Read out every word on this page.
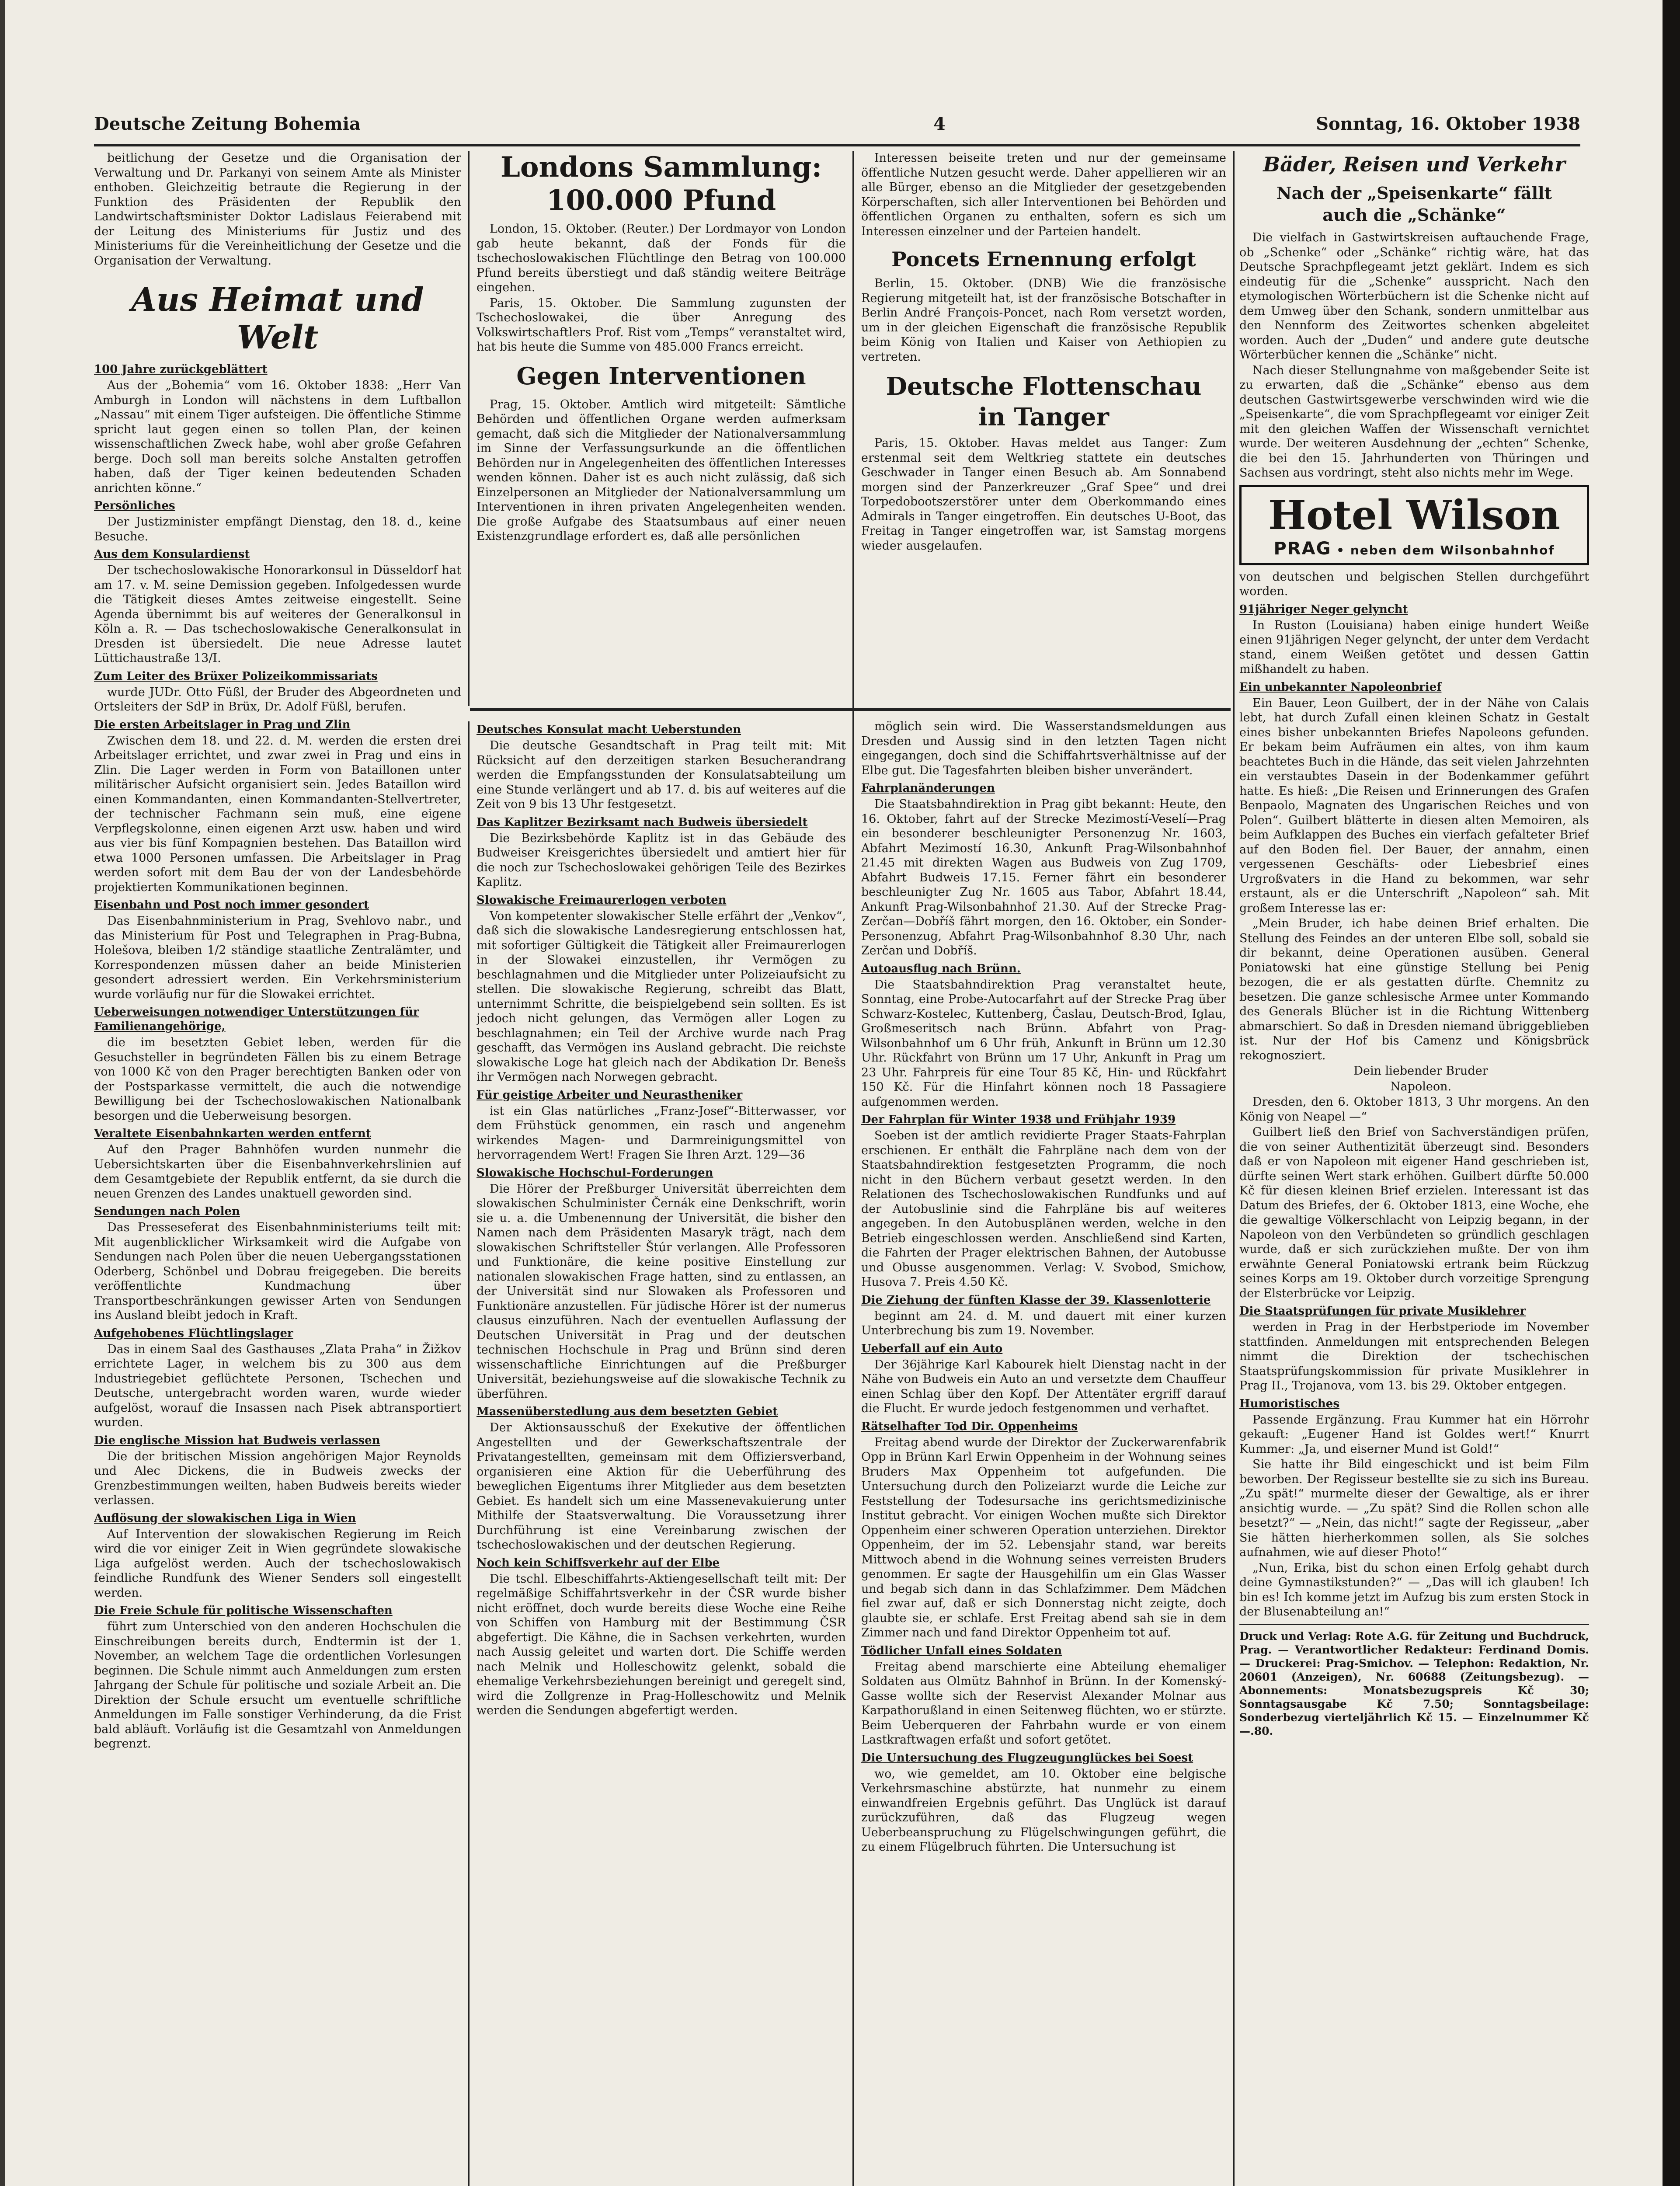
Deutsche Zeitung Bohemia	4	Sonntag, 16. Oktober 1938

beitlichung der Gesetze und die Organisation der Verwaltung und Dr. Parkanyi von seinem Amte als Minister enthoben. Gleichzeitig betraute die Regierung in der Funktion des Präsidenten der Republik den Landwirtschaftsminister Doktor Ladislaus Feierabend mit der Leitung des Ministeriums für Justiz und des Ministeriums für die Vereinheitlichung der Gesetze und die Organisation der Verwaltung.

Aus Heimat und Welt
100 Jahre zurückgeblättert

Aus der „Bohemia“ vom 16. Oktober 1838: „Herr Van Amburgh in London will nächstens in dem Luftballon „Nassau“ mit einem Tiger aufsteigen. Die öffentliche Stimme spricht laut gegen einen so tollen Plan, der keinen wissenschaftlichen Zweck habe, wohl aber große Gefahren berge. Doch soll man bereits solche Anstalten getroffen haben, daß der Tiger keinen bedeutenden Schaden anrichten könne.“

Persönliches

Der Justizminister empfängt Dienstag, den 18. d., keine Besuche.

Aus dem Konsulardienst

Der tschechoslowakische Honorarkonsul in Düsseldorf hat am 17. v. M. seine Demission gegeben. Infolgedessen wurde die Tätigkeit dieses Amtes zeitweise eingestellt. Seine Agenda übernimmt bis auf weiteres der Generalkonsul in Köln a. R. — Das tschechoslowakische Generalkonsulat in Dresden ist übersiedelt. Die neue Adresse lautet Lüttichaustraße 13/I.

Zum Leiter des Brüxer Polizeikommissariats

wurde JUDr. Otto Füßl, der Bruder des Abgeordneten und Ortsleiters der SdP in Brüx, Dr. Adolf Füßl, berufen.

Die ersten Arbeitslager in Prag und Zlin

Zwischen dem 18. und 22. d. M. werden die ersten drei Arbeitslager errichtet, und zwar zwei in Prag und eins in Zlin. Die Lager werden in Form von Bataillonen unter militärischer Aufsicht organisiert sein. Jedes Bataillon wird einen Kommandanten, einen Kommandanten-Stellvertreter, der technischer Fachmann sein muß, eine eigene Verpflegskolonne, einen eigenen Arzt usw. haben und wird aus vier bis fünf Kompagnien bestehen. Das Bataillon wird etwa 1000 Personen umfassen. Die Arbeitslager in Prag werden sofort mit dem Bau der von der Landesbehörde projektierten Kommunikationen beginnen.

Eisenbahn und Post noch immer gesondert

Das Eisenbahnministerium in Prag, Svehlovo nabr., und das Ministerium für Post und Telegraphen in Prag-Bubna, Holešova, bleiben 1/2 ständige staatliche Zentralämter, und Korrespondenzen müssen daher an beide Ministerien gesondert adressiert werden. Ein Verkehrsministerium wurde vorläufig nur für die Slowakei errichtet.

Ueberweisungen notwendiger Unterstützungen für Familienangehörige,

die im besetzten Gebiet leben, werden für die Gesuchsteller in begründeten Fällen bis zu einem Betrage von 1000 Kč von den Prager berechtigten Banken oder von der Postsparkasse vermittelt, die auch die notwendige Bewilligung bei der Tschechoslowakischen Nationalbank besorgen und die Ueberweisung besorgen.

Veraltete Eisenbahnkarten werden entfernt

Auf den Prager Bahnhöfen wurden nunmehr die Uebersichtskarten über die Eisenbahnverkehrslinien auf dem Gesamtgebiete der Republik entfernt, da sie durch die neuen Grenzen des Landes unaktuell geworden sind.

Sendungen nach Polen

Das Presseseferat des Eisenbahnministeriums teilt mit: Mit augenblicklicher Wirksamkeit wird die Aufgabe von Sendungen nach Polen über die neuen Uebergangsstationen Oderberg, Schönbel und Dobrau freigegeben. Die bereits veröffentlichte Kundmachung über Transportbeschränkungen gewisser Arten von Sendungen ins Ausland bleibt jedoch in Kraft.

Aufgehobenes Flüchtlingslager

Das in einem Saal des Gasthauses „Zlata Praha“ in Žižkov errichtete Lager, in welchem bis zu 300 aus dem Industriegebiet geflüchtete Personen, Tschechen und Deutsche, untergebracht worden waren, wurde wieder aufgelöst, worauf die Insassen nach Pisek abtransportiert wurden.

Die englische Mission hat Budweis verlassen

Die der britischen Mission angehörigen Major Reynolds und Alec Dickens, die in Budweis zwecks der Grenzbestimmungen weilten, haben Budweis bereits wieder verlassen.

Auflösung der slowakischen Liga in Wien

Auf Intervention der slowakischen Regierung im Reich wird die vor einiger Zeit in Wien gegründete slowakische Liga aufgelöst werden. Auch der tschechoslowakisch feindliche Rundfunk des Wiener Senders soll eingestellt werden.

Die Freie Schule für politische Wissenschaften

führt zum Unterschied von den anderen Hochschulen die Einschreibungen bereits durch, Endtermin ist der 1. November, an welchem Tage die ordentlichen Vorlesungen beginnen. Die Schule nimmt auch Anmeldungen zum ersten Jahrgang der Schule für politische und soziale Arbeit an. Die Direktion der Schule ersucht um eventuelle schriftliche Anmeldungen im Falle sonstiger Verhinderung, da die Frist bald abläuft. Vorläufig ist die Gesamtzahl von Anmeldungen begrenzt.

Londons Sammlung:
100.000 Pfund

London, 15. Oktober. (Reuter.) Der Lordmayor von London gab heute bekannt, daß der Fonds für die tschechoslowakischen Flüchtlinge den Betrag von 100.000 Pfund bereits überstiegt und daß ständig weitere Beiträge eingehen.

Paris, 15. Oktober. Die Sammlung zugunsten der Tschechoslowakei, die über Anregung des Volkswirtschaftlers Prof. Rist vom „Temps“ veranstaltet wird, hat bis heute die Summe von 485.000 Francs erreicht.

Gegen Interventionen

Prag, 15. Oktober. Amtlich wird mitgeteilt: Sämtliche Behörden und öffentlichen Organe werden aufmerksam gemacht, daß sich die Mitglieder der Nationalversammlung im Sinne der Verfassungsurkunde an die öffentlichen Behörden nur in Angelegenheiten des öffentlichen Interesses wenden können. Daher ist es auch nicht zulässig, daß sich Einzelpersonen an Mitglieder der Nationalversammlung um Interventionen in ihren privaten Angelegenheiten wenden. Die große Aufgabe des Staatsumbaus auf einer neuen Existenzgrundlage erfordert es, daß alle persönlichen

Interessen beiseite treten und nur der gemeinsame öffentliche Nutzen gesucht werde. Daher appellieren wir an alle Bürger, ebenso an die Mitglieder der gesetzgebenden Körperschaften, sich aller Interventionen bei Behörden und öffentlichen Organen zu enthalten, sofern es sich um Interessen einzelner und der Parteien handelt.

Poncets Ernennung erfolgt

Berlin, 15. Oktober. (DNB) Wie die französische Regierung mitgeteilt hat, ist der französische Botschafter in Berlin André François-Poncet, nach Rom versetzt worden, um in der gleichen Eigenschaft die französische Republik beim König von Italien und Kaiser von Aethiopien zu vertreten.

Deutsche Flottenschau
in Tanger

Paris, 15. Oktober. Havas meldet aus Tanger: Zum erstenmal seit dem Weltkrieg stattete ein deutsches Geschwader in Tanger einen Besuch ab. Am Sonnabend morgen sind der Panzerkreuzer „Graf Spee“ und drei Torpedobootszerstörer unter dem Oberkommando eines Admirals in Tanger eingetroffen. Ein deutsches U-Boot, das Freitag in Tanger eingetroffen war, ist Samstag morgens wieder ausgelaufen.

Deutsches Konsulat macht Ueberstunden

Die deutsche Gesandtschaft in Prag teilt mit: Mit Rücksicht auf den derzeitigen starken Besucherandrang werden die Empfangsstunden der Konsulatsabteilung um eine Stunde verlängert und ab 17. d. bis auf weiteres auf die Zeit von 9 bis 13 Uhr festgesetzt.

Das Kaplitzer Bezirksamt nach Budweis übersiedelt

Die Bezirksbehörde Kaplitz ist in das Gebäude des Budweiser Kreisgerichtes übersiedelt und amtiert hier für die noch zur Tschechoslowakei gehörigen Teile des Bezirkes Kaplitz.

Slowakische Freimaurerlogen verboten

Von kompetenter slowakischer Stelle erfährt der „Venkov“, daß sich die slowakische Landesregierung entschlossen hat, mit sofortiger Gültigkeit die Tätigkeit aller Freimaurerlogen in der Slowakei einzustellen, ihr Vermögen zu beschlagnahmen und die Mitglieder unter Polizeiaufsicht zu stellen. Die slowakische Regierung, schreibt das Blatt, unternimmt Schritte, die beispielgebend sein sollten. Es ist jedoch nicht gelungen, das Vermögen aller Logen zu beschlagnahmen; ein Teil der Archive wurde nach Prag geschafft, das Vermögen ins Ausland gebracht. Die reichste slowakische Loge hat gleich nach der Abdikation Dr. Benešs ihr Vermögen nach Norwegen gebracht.

Für geistige Arbeiter und Neurastheniker

ist ein Glas natürliches „Franz-Josef“-Bitterwasser, vor dem Frühstück genommen, ein rasch und angenehm wirkendes Magen- und Darmreinigungsmittel von hervorragendem Wert! Fragen Sie Ihren Arzt. 129—36

Slowakische Hochschul-Forderungen

Die Hörer der Preßburger Universität überreichten dem slowakischen Schulminister Černák eine Denkschrift, worin sie u. a. die Umbenennung der Universität, die bisher den Namen nach dem Präsidenten Masaryk trägt, nach dem slowakischen Schriftsteller Štúr verlangen. Alle Professoren und Funktionäre, die keine positive Einstellung zur nationalen slowakischen Frage hatten, sind zu entlassen, an der Universität sind nur Slowaken als Professoren und Funktionäre anzustellen. Für jüdische Hörer ist der numerus clausus einzuführen. Nach der eventuellen Auflassung der Deutschen Universität in Prag und der deutschen technischen Hochschule in Prag und Brünn sind deren wissenschaftliche Einrichtungen auf die Preßburger Universität, beziehungsweise auf die slowakische Technik zu überführen.

Massenüberstedlung aus dem besetzten Gebiet

Der Aktionsausschuß der Exekutive der öffentlichen Angestellten und der Gewerkschaftszentrale der Privatangestellten, gemeinsam mit dem Offiziersverband, organisieren eine Aktion für die Ueberführung des beweglichen Eigentums ihrer Mitglieder aus dem besetzten Gebiet. Es handelt sich um eine Massenevakuierung unter Mithilfe der Staatsverwaltung. Die Voraussetzung ihrer Durchführung ist eine Vereinbarung zwischen der tschechoslowakischen und der deutschen Regierung.

Noch kein Schiffsverkehr auf der Elbe

Die tschl. Elbeschiffahrts-Aktiengesellschaft teilt mit: Der regelmäßige Schiffahrtsverkehr in der ČSR wurde bisher nicht eröffnet, doch wurde bereits diese Woche eine Reihe von Schiffen von Hamburg mit der Bestimmung ČSR abgefertigt. Die Kähne, die in Sachsen verkehrten, wurden nach Aussig geleitet und warten dort. Die Schiffe werden nach Melnik und Holleschowitz gelenkt, sobald die ehemalige Verkehrsbeziehungen bereinigt und geregelt sind, wird die Zollgrenze in Prag-Holleschowitz und Melnik werden die Sendungen abgefertigt werden.

möglich sein wird. Die Wasserstandsmeldungen aus Dresden und Aussig sind in den letzten Tagen nicht eingegangen, doch sind die Schiffahrtsverhältnisse auf der Elbe gut. Die Tagesfahrten bleiben bisher unverändert.

Fahrplanänderungen

Die Staatsbahndirektion in Prag gibt bekannt: Heute, den 16. Oktober, fahrt auf der Strecke Mezimostí-Veselí—Prag ein besonderer beschleunigter Personenzug Nr. 1603, Abfahrt Mezimostí 16.30, Ankunft Prag-Wilsonbahnhof 21.45 mit direkten Wagen aus Budweis von Zug 1709, Abfahrt Budweis 17.15. Ferner fährt ein besonderer beschleunigter Zug Nr. 1605 aus Tabor, Abfahrt 18.44, Ankunft Prag-Wilsonbahnhof 21.30. Auf der Strecke Prag-Zerčan—Dobříš fährt morgen, den 16. Oktober, ein Sonder-Personenzug, Abfahrt Prag-Wilsonbahnhof 8.30 Uhr, nach Zerčan und Dobříš.

Autoausflug nach Brünn.

Die Staatsbahndirektion Prag veranstaltet heute, Sonntag, eine Probe-Autocarfahrt auf der Strecke Prag über Schwarz-Kostelec, Kuttenberg, Časlau, Deutsch-Brod, Iglau, Großmeseritsch nach Brünn. Abfahrt von Prag-Wilsonbahnhof um 6 Uhr früh, Ankunft in Brünn um 12.30 Uhr. Rückfahrt von Brünn um 17 Uhr, Ankunft in Prag um 23 Uhr. Fahrpreis für eine Tour 85 Kč, Hin- und Rückfahrt 150 Kč. Für die Hinfahrt können noch 18 Passagiere aufgenommen werden.

Der Fahrplan für Winter 1938 und Frühjahr 1939

Soeben ist der amtlich revidierte Prager Staats-Fahrplan erschienen. Er enthält die Fahrpläne nach dem von der Staatsbahndirektion festgesetzten Programm, die noch nicht in den Büchern verbaut gesetzt werden. In den Relationen des Tschechoslowakischen Rundfunks und auf der Autobuslinie sind die Fahrpläne bis auf weiteres angegeben. In den Autobusplänen werden, welche in den Betrieb eingeschlossen werden. Anschließend sind Karten, die Fahrten der Prager elektrischen Bahnen, der Autobusse und Obusse ausgenommen. Verlag: V. Svobod, Smichow, Husova 7. Preis 4.50 Kč.

Die Ziehung der fünften Klasse der 39. Klassenlotterie

beginnt am 24. d. M. und dauert mit einer kurzen Unterbrechung bis zum 19. November.

Ueberfall auf ein Auto

Der 36jährige Karl Kabourek hielt Dienstag nacht in der Nähe von Budweis ein Auto an und versetzte dem Chauffeur einen Schlag über den Kopf. Der Attentäter ergriff darauf die Flucht. Er wurde jedoch festgenommen und verhaftet.

Rätselhafter Tod Dir. Oppenheims

Freitag abend wurde der Direktor der Zuckerwarenfabrik Opp in Brünn Karl Erwin Oppenheim in der Wohnung seines Bruders Max Oppenheim tot aufgefunden. Die Untersuchung durch den Polizeiarzt wurde die Leiche zur Feststellung der Todesursache ins gerichtsmedizinische Institut gebracht. Vor einigen Wochen mußte sich Direktor Oppenheim einer schweren Operation unterziehen. Direktor Oppenheim, der im 52. Lebensjahr stand, war bereits Mittwoch abend in die Wohnung seines verreisten Bruders genommen. Er sagte der Hausgehilfin um ein Glas Wasser und begab sich dann in das Schlafzimmer. Dem Mädchen fiel zwar auf, daß er sich Donnerstag nicht zeigte, doch glaubte sie, er schlafe. Erst Freitag abend sah sie in dem Zimmer nach und fand Direktor Oppenheim tot auf.

Tödlicher Unfall eines Soldaten

Freitag abend marschierte eine Abteilung ehemaliger Soldaten aus Olmütz Bahnhof in Brünn. In der Komenský-Gasse wollte sich der Reservist Alexander Molnar aus Karpathorußland in einen Seitenweg flüchten, wo er stürzte. Beim Ueberqueren der Fahrbahn wurde er von einem Lastkraftwagen erfaßt und sofort getötet.

Die Untersuchung des Flugzeugunglückes bei Soest

wo, wie gemeldet, am 10. Oktober eine belgische Verkehrsmaschine abstürzte, hat nunmehr zu einem einwandfreien Ergebnis geführt. Das Unglück ist darauf zurückzuführen, daß das Flugzeug wegen Ueberbeanspruchung zu Flügelschwingungen geführt, die zu einem Flügelbruch führten. Die Untersuchung ist

Bäder, Reisen und Verkehr
Nach der „Speisenkarte“ fällt
auch die „Schänke“

Die vielfach in Gastwirtskreisen auftauchende Frage, ob „Schenke“ oder „Schänke“ richtig wäre, hat das Deutsche Sprachpflegeamt jetzt geklärt. Indem es sich eindeutig für die „Schenke“ ausspricht. Nach den etymologischen Wörterbüchern ist die Schenke nicht auf dem Umweg über den Schank, sondern unmittelbar aus den Nennform des Zeitwortes schenken abgeleitet worden. Auch der „Duden“ und andere gute deutsche Wörterbücher kennen die „Schänke“ nicht.

Nach dieser Stellungnahme von maßgebender Seite ist zu erwarten, daß die „Schänke“ ebenso aus dem deutschen Gastwirtsgewerbe verschwinden wird wie die „Speisenkarte“, die vom Sprachpflegeamt vor einiger Zeit mit den gleichen Waffen der Wissenschaft vernichtet wurde. Der weiteren Ausdehnung der „echten“ Schenke, die bei den 15. Jahrhunderten von Thüringen und Sachsen aus vordringt, steht also nichts mehr im Wege.

Hotel Wilson
PRAG • neben dem Wilsonbahnhof

von deutschen und belgischen Stellen durchgeführt worden.

91jähriger Neger gelyncht

In Ruston (Louisiana) haben einige hundert Weiße einen 91jährigen Neger gelyncht, der unter dem Verdacht stand, einem Weißen getötet und dessen Gattin mißhandelt zu haben.

Ein unbekannter Napoleonbrief

Ein Bauer, Leon Guilbert, der in der Nähe von Calais lebt, hat durch Zufall einen kleinen Schatz in Gestalt eines bisher unbekannten Briefes Napoleons gefunden. Er bekam beim Aufräumen ein altes, von ihm kaum beachtetes Buch in die Hände, das seit vielen Jahrzehnten ein verstaubtes Dasein in der Bodenkammer geführt hatte. Es hieß: „Die Reisen und Erinnerungen des Grafen Benpaolo, Magnaten des Ungarischen Reiches und von Polen“. Guilbert blätterte in diesen alten Memoiren, als beim Aufklappen des Buches ein vierfach gefalteter Brief auf den Boden fiel. Der Bauer, der annahm, einen vergessenen Geschäfts- oder Liebesbrief eines Urgroßvaters in die Hand zu bekommen, war sehr erstaunt, als er die Unterschrift „Napoleon“ sah. Mit großem Interesse las er:

„Mein Bruder, ich habe deinen Brief erhalten. Die Stellung des Feindes an der unteren Elbe soll, sobald sie dir bekannt, deine Operationen ausüben. General Poniatowski hat eine günstige Stellung bei Penig bezogen, die er als gestatten dürfte. Chemnitz zu besetzen. Die ganze schlesische Armee unter Kommando des Generals Blücher ist in die Richtung Wittenberg abmarschiert. So daß in Dresden niemand übriggeblieben ist. Nur der Hof bis Camenz und Königsbrück rekognosziert.

Dein liebender Bruder

Napoleon.

Dresden, den 6. Oktober 1813, 3 Uhr morgens. An den König von Neapel —“

Guilbert ließ den Brief von Sachverständigen prüfen, die von seiner Authentizität überzeugt sind. Besonders daß er von Napoleon mit eigener Hand geschrieben ist, dürfte seinen Wert stark erhöhen. Guilbert dürfte 50.000 Kč für diesen kleinen Brief erzielen. Interessant ist das Datum des Briefes, der 6. Oktober 1813, eine Woche, ehe die gewaltige Völkerschlacht von Leipzig begann, in der Napoleon von den Verbündeten so gründlich geschlagen wurde, daß er sich zurückziehen mußte. Der von ihm erwähnte General Poniatowski ertrank beim Rückzug seines Korps am 19. Oktober durch vorzeitige Sprengung der Elsterbrücke vor Leipzig.

Die Staatsprüfungen für private Musiklehrer

werden in Prag in der Herbstperiode im November stattfinden. Anmeldungen mit entsprechenden Belegen nimmt die Direktion der tschechischen Staatsprüfungskommission für private Musiklehrer in Prag II., Trojanova, vom 13. bis 29. Oktober entgegen.

Humoristisches

Passende Ergänzung. Frau Kummer hat ein Hörrohr gekauft: „Eugener Hand ist Goldes wert!“ Knurrt Kummer: „Ja, und eiserner Mund ist Gold!“

Sie hatte ihr Bild eingeschickt und ist beim Film beworben. Der Regisseur bestellte sie zu sich ins Bureau. „Zu spät!“ murmelte dieser der Gewaltige, als er ihrer ansichtig wurde. — „Zu spät? Sind die Rollen schon alle besetzt?“ — „Nein, das nicht!“ sagte der Regisseur, „aber Sie hätten hierherkommen sollen, als Sie solches aufnahmen, wie auf dieser Photo!“

„Nun, Erika, bist du schon einen Erfolg gehabt durch deine Gymnastikstunden?“ — „Das will ich glauben! Ich bin es! Ich komme jetzt im Aufzug bis zum ersten Stock in der Blusenabteilung an!“

Druck und Verlag: Rote A.G. für Zeitung und Buchdruck, Prag. — Verantwortlicher Redakteur: Ferdinand Domis. — Druckerei: Prag-Smichov. — Telephon: Redaktion, Nr. 20601 (Anzeigen), Nr. 60688 (Zeitungsbezug). — Abonnements: Monatsbezugspreis Kč 30; Sonntagsausgabe Kč 7.50; Sonntagsbeilage: Sonderbezug vierteljährlich Kč 15. — Einzelnummer Kč —.80.
